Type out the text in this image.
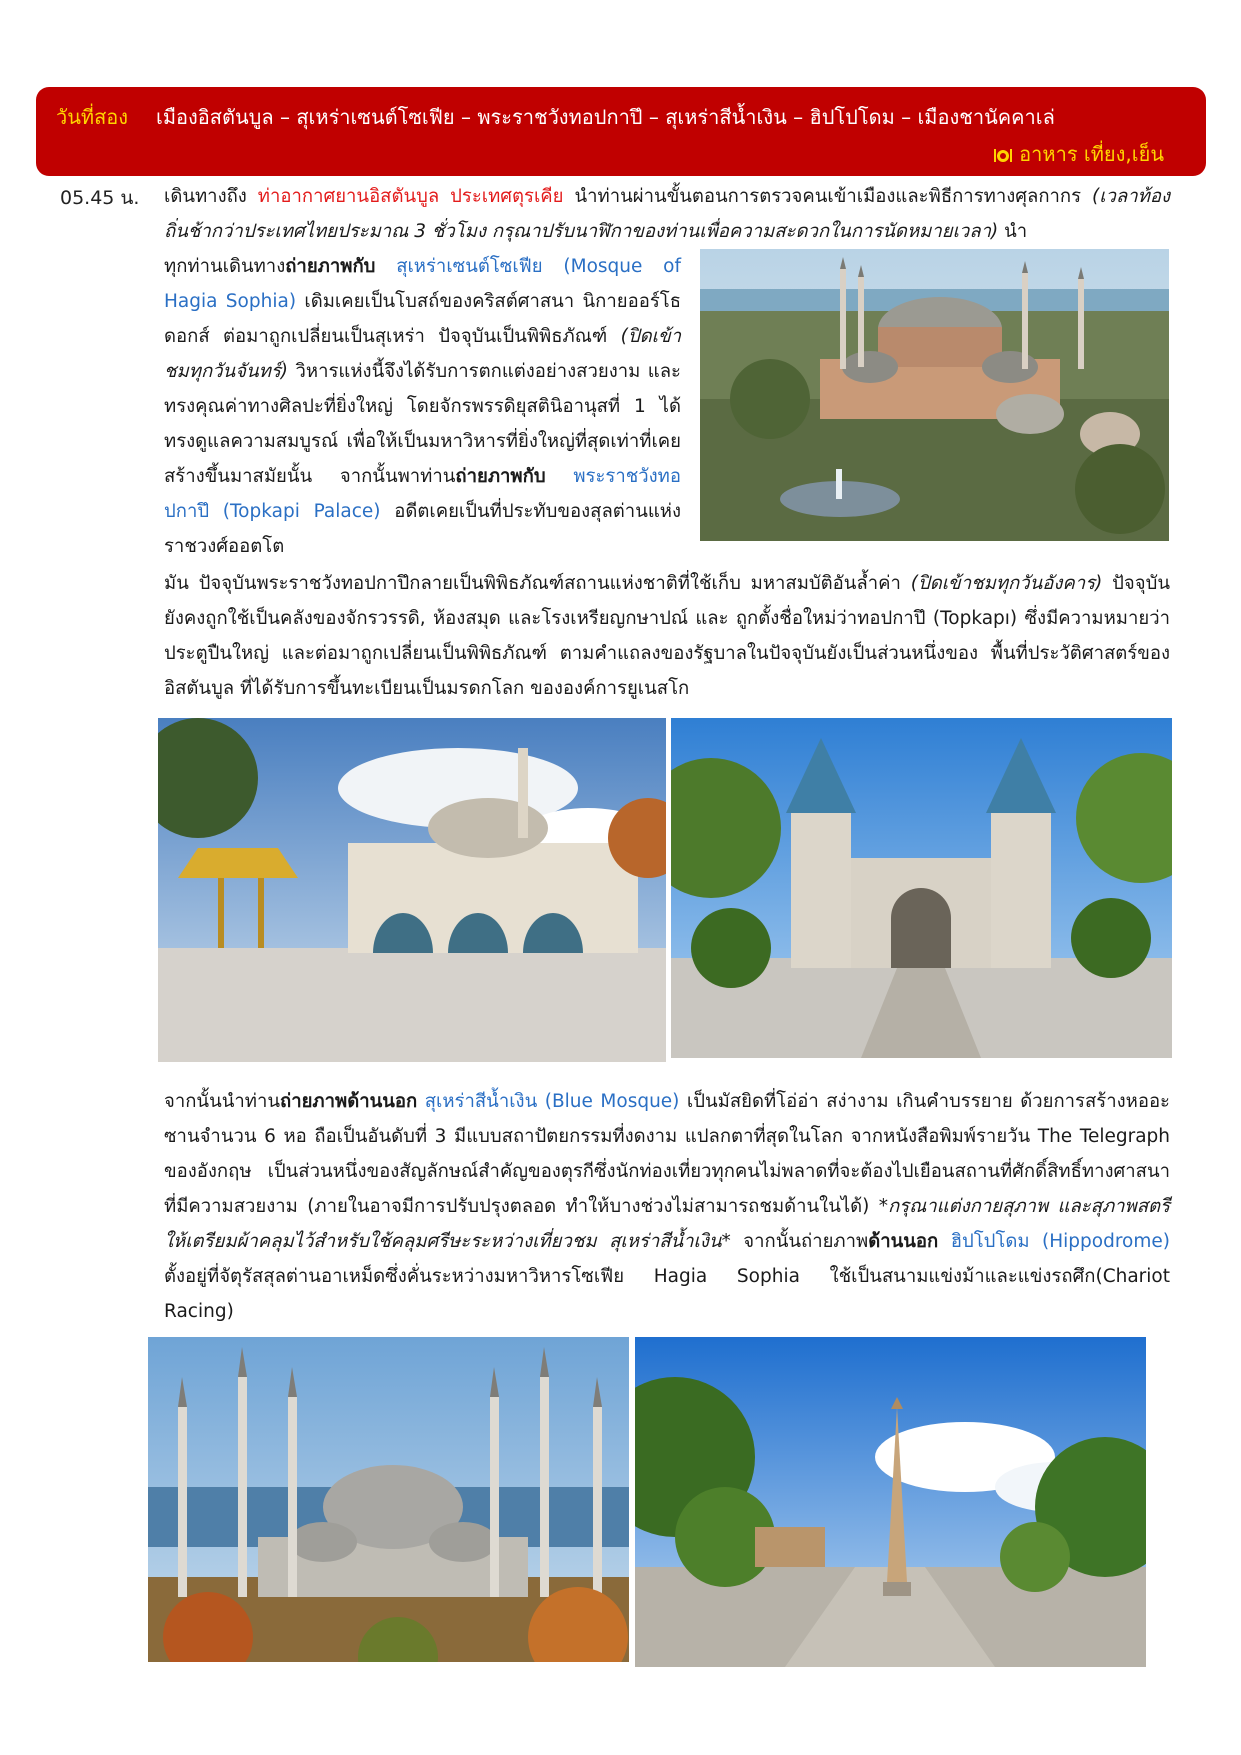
วันที่สอง เมืองอิสตันบูล – สุเหร่าเซนต์โซเฟีย – พระราชวังทอปกาปึ – สุเหร่าสีน้ำเงิน – ฮิปโปโดม – เมืองชานัคคาเล่
อาหาร เที่ยง,เย็น
05.45 น. เดินทางถึง ท่าอากาศยานอิสตันบูล ประเทศตุรเคีย นำท่านผ่านขั้นตอนการตรวจคนเข้าเมืองและพิธีการทางศุลกากร (เวลาท้องถิ่นช้ากว่าประเทศไทยประมาณ 3 ชั่วโมง กรุณาปรับนาฬิกาของท่านเพื่อความสะดวกในการนัดหมายเวลา) นำ
ทุกท่านเดินทางถ่ายภาพกับ สุเหร่าเซนต์โซเฟีย (Mosque of Hagia Sophia) เดิมเคยเป็นโบสถ์ของคริสต์ศาสนา นิกายออร์โธดอกส์ ต่อมาถูกเปลี่ยนเป็นสุเหร่า ปัจจุบันเป็นพิพิธภัณฑ์ (ปิดเข้าชมทุกวันจันทร์) วิหารแห่งนี้จึงได้รับการตกแต่งอย่างสวยงาม และทรงคุณค่าทางศิลปะที่ยิ่งใหญ่ โดยจักรพรรดิยุสตินิอานุสที่ 1 ได้ทรงดูแลความสมบูรณ์ เพื่อให้เป็นมหาวิหารที่ยิ่งใหญ่ที่สุดเท่าที่เคยสร้างขึ้นมาสมัยนั้น จากนั้นพาท่านถ่ายภาพกับ พระราชวังทอปกาปึ (Topkapi Palace) อดีตเคยเป็นที่ประทับของสุลต่านแห่งราชวงศ์ออตโต
มัน ปัจจุบันพระราชวังทอปกาปึกลายเป็นพิพิธภัณฑ์สถานแห่งชาติที่ใช้เก็บ มหาสมบัติอันล้ำค่า (ปิดเข้าชมทุกวันอังคาร) ปัจจุบันยังคงถูกใช้เป็นคลังของจักรวรรดิ, ห้องสมุด และโรงเหรียญกษาปณ์ และ ถูกตั้งชื่อใหม่ว่าทอปกาปึ (Topkapı) ซึ่งมีความหมายว่า ประตูปืนใหญ่ และต่อมาถูกเปลี่ยนเป็นพิพิธภัณฑ์ ตามคำแถลงของรัฐบาลในปัจจุบันยังเป็นส่วนหนึ่งของ พื้นที่ประวัติศาสตร์ของอิสตันบูล ที่ได้รับการขึ้นทะเบียนเป็นมรดกโลก ขององค์การยูเนสโก
จากนั้นนำท่านถ่ายภาพด้านนอก สุเหร่าสีน้ำเงิน (Blue Mosque) เป็นมัสยิดที่โอ่อ่า สง่างาม เกินคำบรรยาย ด้วยการสร้างหออะซานจำนวน 6 หอ ถือเป็นอันดับที่ 3 มีแบบสถาปัตยกรรมที่งดงาม แปลกตาที่สุดในโลก จากหนังสือพิมพ์รายวัน The Telegraph ของอังกฤษ เป็นส่วนหนึ่งของสัญลักษณ์สำคัญของตุรกีซึ่งนักท่องเที่ยวทุกคนไม่พลาดที่จะต้องไปเยือนสถานที่ศักดิ์สิทธิ์ทางศาสนาที่มีความสวยงาม (ภายในอาจมีการปรับปรุงตลอด ทำให้บางช่วงไม่สามารถชมด้านในได้) *กรุณาแต่งกายสุภาพ และสุภาพสตรีให้เตรียมผ้าคลุมไว้สำหรับใช้คลุมศรีษะระหว่างเที่ยวชม สุเหร่าสีน้ำเงิน* จากนั้นถ่ายภาพด้านนอก ฮิปโปโดม (Hippodrome) ตั้งอยู่ที่จัตุรัสสุลต่านอาเหม็ดซึ่งคั่นระหว่างมหาวิหารโซเฟีย Hagia Sophia ใช้เป็นสนามแข่งม้าและแข่งรถศึก(Chariot Racing)
